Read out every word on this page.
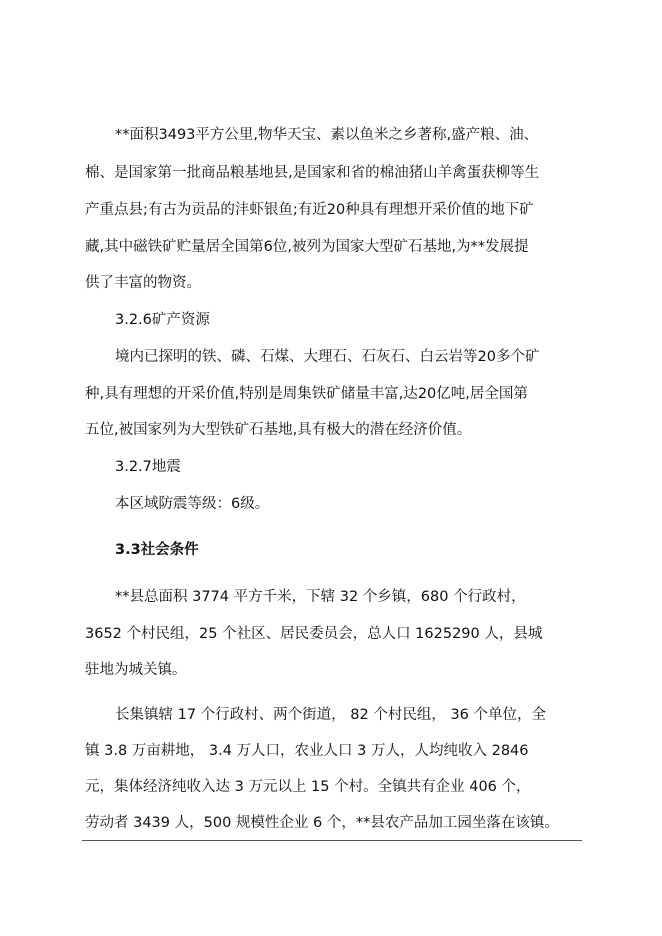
**面积3493平方公里,物华天宝、素以鱼米之乡著称,盛产粮、油、
棉、是国家第一批商品粮基地县,是国家和省的棉油猪山羊禽蛋获柳等生
产重点县;有古为贡品的沣虾银鱼;有近20种具有理想开采价值的地下矿
藏,其中磁铁矿贮量居全国第6位,被列为国家大型矿石基地,为**发展提
供了丰富的物资。
3.2.6矿产资源
境内已探明的铁、磷、石煤、大理石、石灰石、白云岩等20多个矿
种,具有理想的开采价值,特别是周集铁矿储量丰富,达20亿吨,居全国第
五位,被国家列为大型铁矿石基地,具有极大的潜在经济价值。
3.2.7地震
本区域防震等级：6级。
3.3社会条件
**县总面积 3774 平方千米，下辖 32 个乡镇，680 个行政村，
3652 个村民组，25 个社区、居民委员会，总人口 1625290 人，县城
驻地为城关镇。
长集镇辖 17 个行政村、两个街道， 82 个村民组， 36 个单位，全
镇 3.8 万亩耕地， 3.4 万人口，农业人口 3 万人，人均纯收入 2846
元，集体经济纯收入达 3 万元以上 15 个村。全镇共有企业 406 个，
劳动者 3439 人，500 规模性企业 6 个，**县农产品加工园坐落在该镇。
